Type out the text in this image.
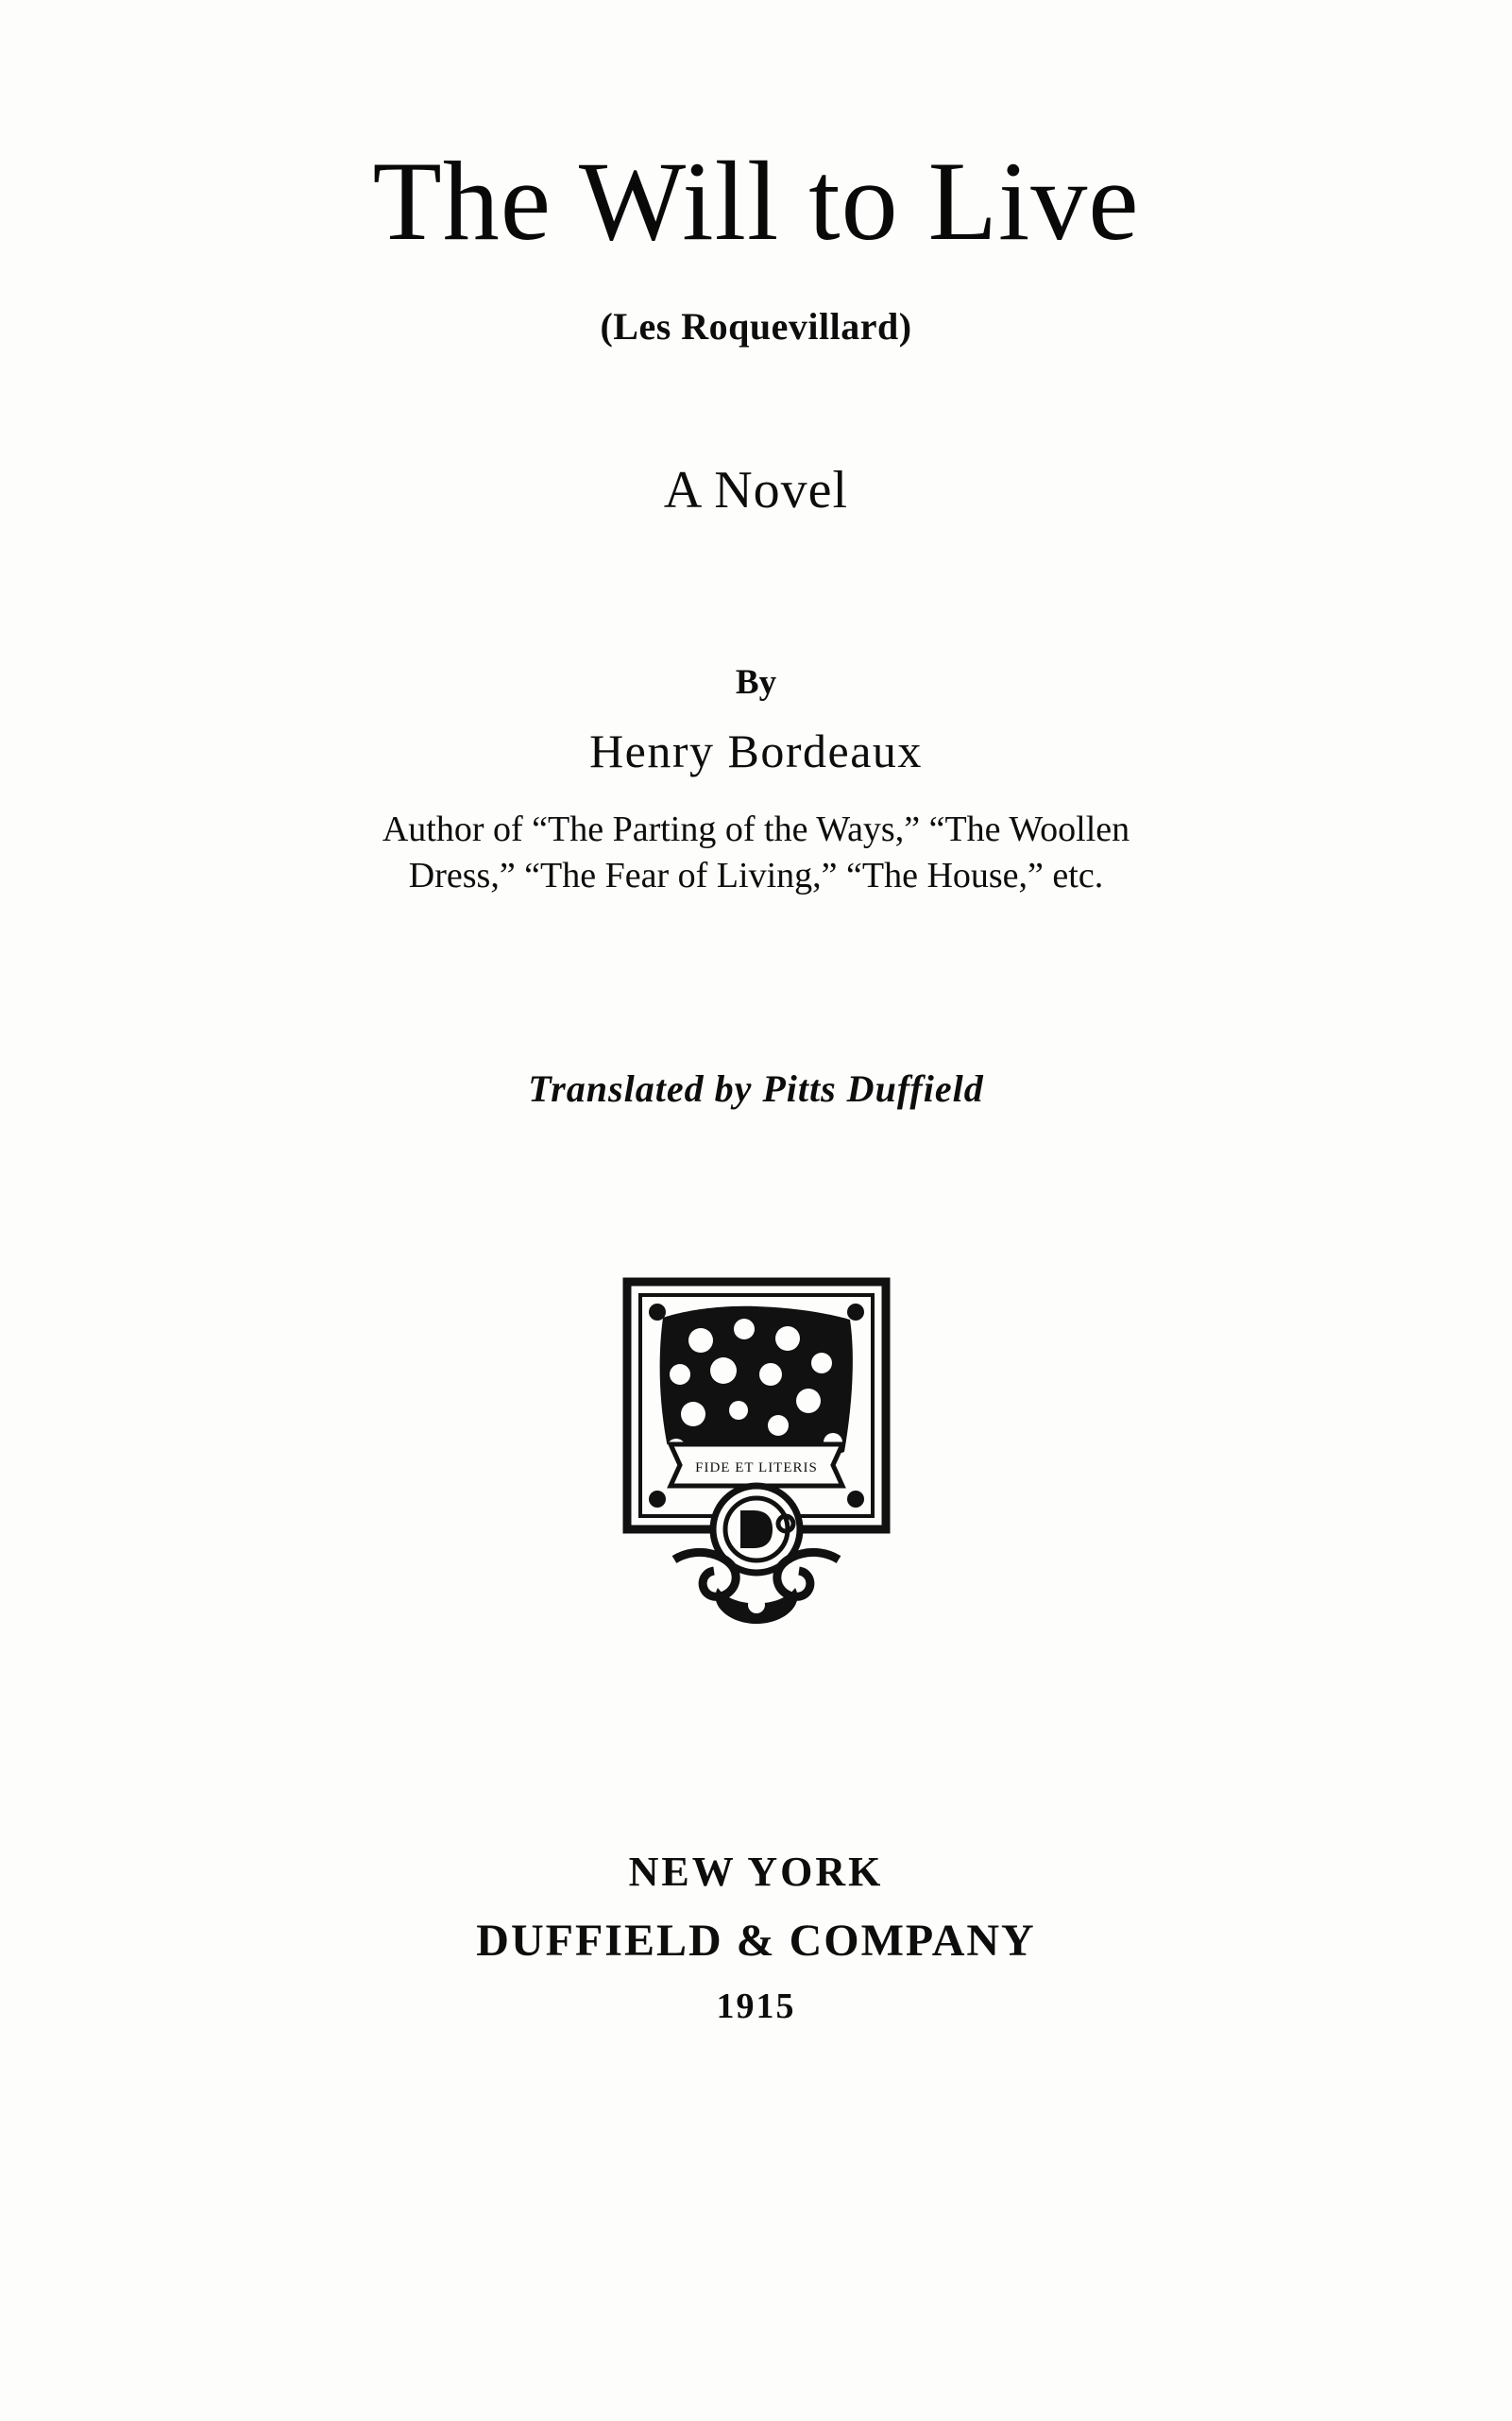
The Will to Live
(Les Roquevillard)
A Novel
By
Henry Bordeaux
Author of “The Parting of the Ways,” “The Woollen
Dress,” “The Fear of Living,” “The House,” etc.
Translated by Pitts Duffield
FIDE ET LITERIS
NEW YORK
DUFFIELD & COMPANY
1915
